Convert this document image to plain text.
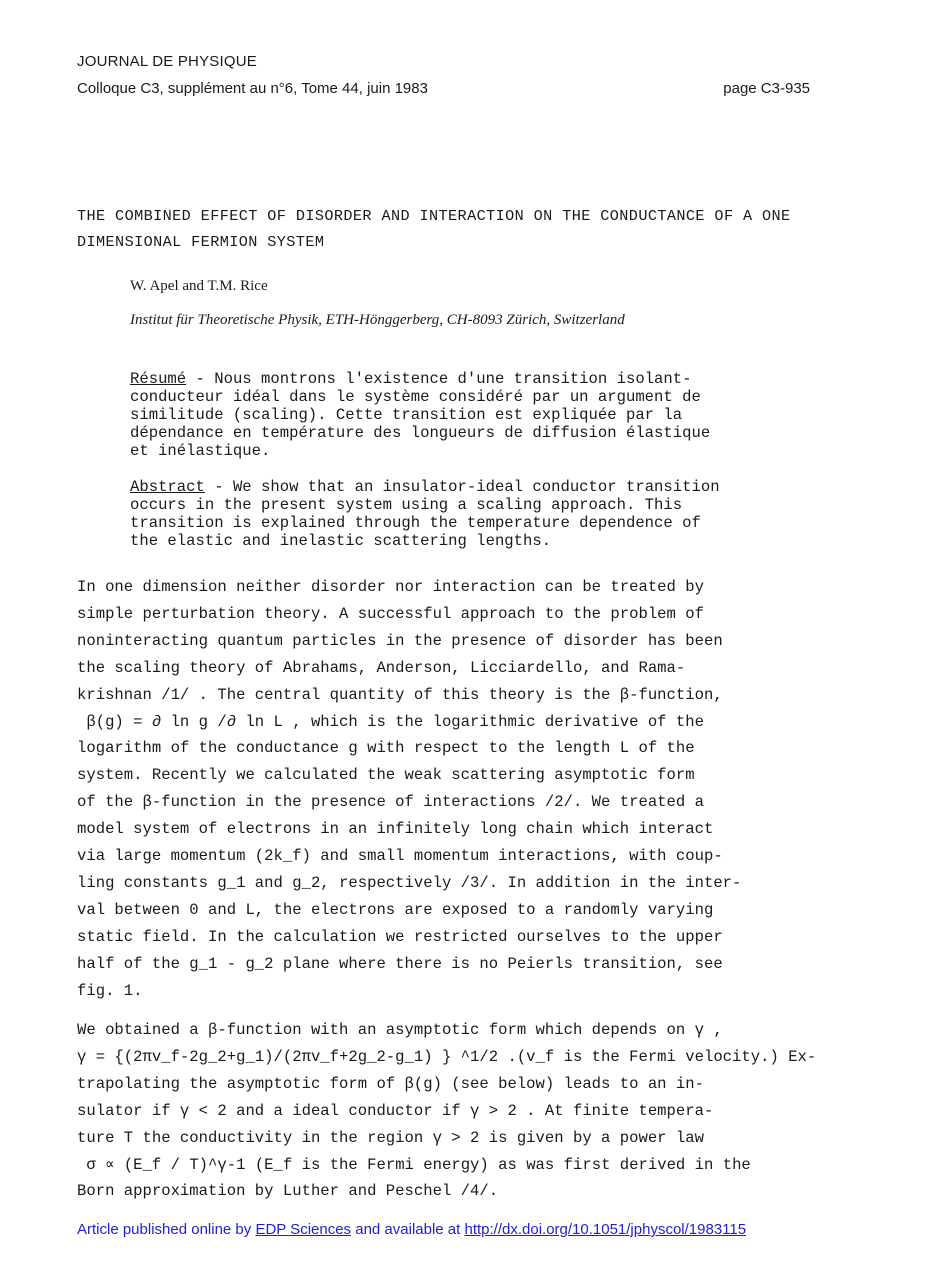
JOURNAL DE PHYSIQUE
Colloque C3, supplément au n°6, Tome 44, juin 1983	page C3-935
THE COMBINED EFFECT OF DISORDER AND INTERACTION ON THE CONDUCTANCE OF A ONE DIMENSIONAL FERMION SYSTEM
W. Apel and T.M. Rice
Institut für Theoretische Physik, ETH-Hönggerberg, CH-8093 Zürich, Switzerland
Résumé - Nous montrons l'existence d'une transition isolant-
conducteur idéal dans le système considéré par un argument de
similitude (scaling). Cette transition est expliquée par la
dépendance en température des longueurs de diffusion élastique
et inélastique.
Abstract - We show that an insulator-ideal conductor transition
occurs in the present system using a scaling approach. This
transition is explained through the temperature dependence of
the elastic and inelastic scattering lengths.
In one dimension neither disorder nor interaction can be treated by
simple perturbation theory. A successful approach to the problem of
noninteracting quantum particles in the presence of disorder has been
the scaling theory of Abrahams, Anderson, Licciardello, and Rama-
krishnan /1/ . The central quantity of this theory is the β-function,
β(g) = ∂ ln g /∂ ln L , which is the logarithmic derivative of the
logarithm of the conductance g with respect to the length L of the
system. Recently we calculated the weak scattering asymptotic form
of the β-function in the presence of interactions /2/. We treated a
model system of electrons in an infinitely long chain which interact
via large momentum (2k_f) and small momentum interactions, with coup-
ling constants g_1 and g_2, respectively /3/. In addition in the inter-
val between 0 and L, the electrons are exposed to a randomly varying
static field. In the calculation we restricted ourselves to the upper
half of the g_1 - g_2 plane where there is no Peierls transition, see
fig. 1.
We obtained a β-function with an asymptotic form which depends on γ ,
γ = {(2πv_f-2g_2+g_1)/(2πv_f+2g_2-g_1) } ^1/2 .(v_f is the Fermi velocity.) Ex-
trapolating the asymptotic form of β(g) (see below) leads to an in-
sulator if γ < 2 and a ideal conductor if γ > 2 . At finite tempera-
ture T the conductivity in the region γ > 2 is given by a power law
σ ∝ (E_f / T)^γ-1 (E_f is the Fermi energy) as was first derived in the
Born approximation by Luther and Peschel /4/.
Article published online by EDP Sciences and available at http://dx.doi.org/10.1051/jphyscol/1983115
